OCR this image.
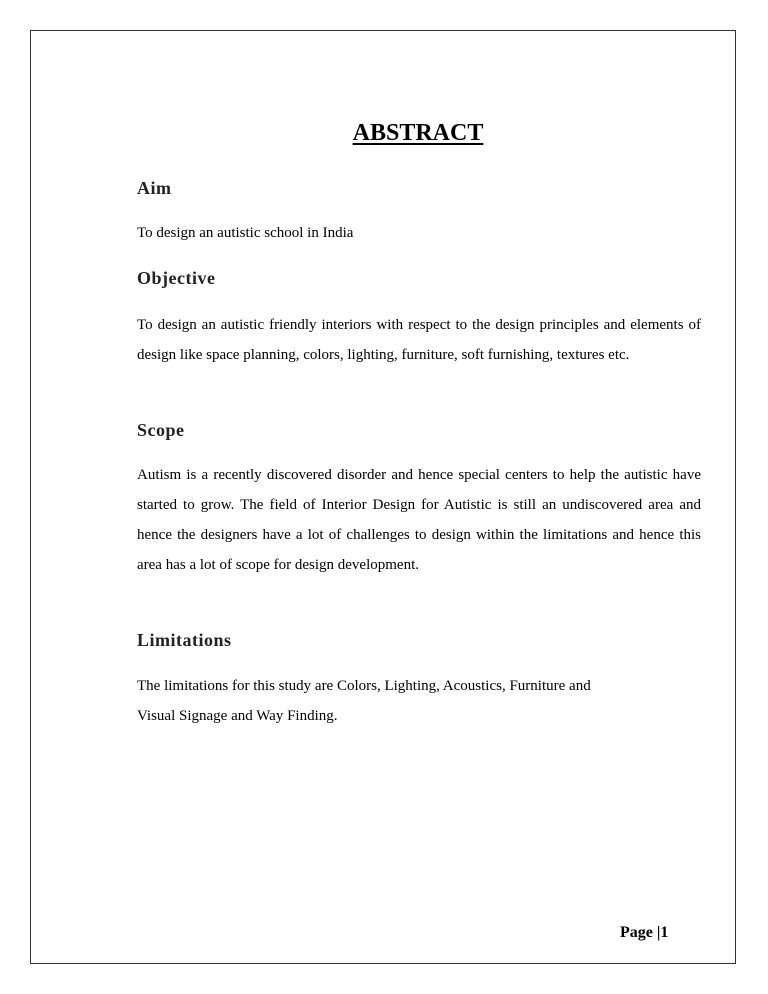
ABSTRACT
Aim

To design an autistic school in India

Objective

To design an autistic friendly interiors with respect to the design principles and elements of design like space planning, colors, lighting, furniture, soft furnishing, textures etc.

Scope

Autism is a recently discovered disorder and hence special centers to help the autistic have started to grow. The field of Interior Design for Autistic is still an undiscovered area and hence the designers have a lot of challenges to design within the limitations and hence this area has a lot of scope for design development.

Limitations
The limitations for this study are Colors, Lighting, Acoustics, Furniture and
Visual Signage and Way Finding.
Page |1
